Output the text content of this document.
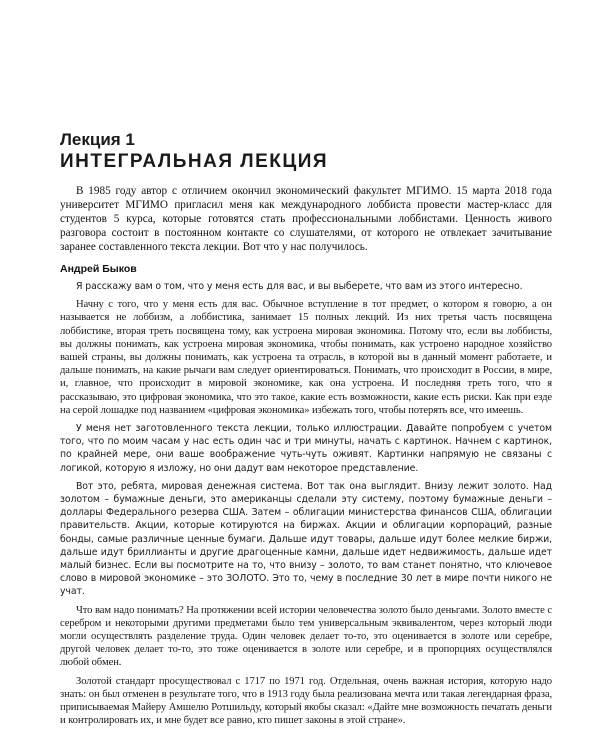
Лекция 1
ИНТЕГРАЛЬНАЯ ЛЕКЦИЯ

В 1985 году автор с отличием окончил экономический факультет МГИМО. 15 марта 2018 года университет МГИМО пригласил меня как международного лоббиста провести мастер-класс для студентов 5 курса, которые готовятся стать профессиональными лоббистами. Ценность живого разговора состоит в постоянном контакте со слушателями, от которого не отвлекает зачитывание заранее составленного текста лекции. Вот что у нас получилось.

Андрей Быков

Я расскажу вам о том, что у меня есть для вас, и вы выберете, что вам из этого интересно.

Начну с того, что у меня есть для вас. Обычное вступление в тот предмет, о котором я говорю, а он называется не лоббизм, а лоббистика, занимает 15 полных лекций. Из них третья часть посвящена лоббистике, вторая треть посвящена тому, как устроена мировая экономика. Потому что, если вы лоббисты, вы должны понимать, как устроена мировая экономика, чтобы понимать, как устроено народное хозяйство вашей страны, вы должны понимать, как устроена та отрасль, в которой вы в данный момент работаете, и дальше понимать, на какие рычаги вам следует ориентироваться. Понимать, что происходит в России, в мире, и, главное, что происходит в мировой экономике, как она устроена. И последняя треть того, что я рассказываю, это цифровая экономика, что это такое, какие есть возможности, какие есть риски. Как при езде на серой лошадке под названием «цифровая экономика» избежать того, чтобы потерять все, что имеешь.

У меня нет заготовленного текста лекции, только иллюстрации. Давайте попробуем с учетом того, что по моим часам у нас есть один час и три минуты, начать с картинок. Начнем с картинок, по крайней мере, они ваше воображение чуть-чуть оживят. Картинки напрямую не связаны с логикой, которую я изложу, но они дадут вам некоторое представление.

Вот это, ребята, мировая денежная система. Вот так она выглядит. Внизу лежит золото. Над золотом – бумажные деньги, это американцы сделали эту систему, поэтому бумажные деньги – доллары Федерального резерва США. Затем – облигации министерства финансов США, облигации правительств. Акции, которые котируются на биржах. Акции и облигации корпораций, разные бонды, самые различные ценные бумаги. Дальше идут товары, дальше идут более мелкие биржи, дальше идут бриллианты и другие драгоценные камни, дальше идет недвижимость, дальше идет малый бизнес. Если вы посмотрите на то, что внизу – золото, то вам станет понятно, что ключевое слово в мировой экономике – это ЗОЛОТО. Это то, чему в последние 30 лет в мире почти никого не учат.

Что вам надо понимать? На протяжении всей истории человечества золото было деньгами. Золото вместе с серебром и некоторыми другими предметами было тем универсальным эквивалентом, через который люди могли осуществлять разделение труда. Один человек делает то-то, это оценивается в золоте или серебре, другой человек делает то-то, это тоже оценивается в золоте или серебре, и в пропорциях осуществлялся любой обмен.

Золотой стандарт просуществовал с 1717 по 1971 год. Отдельная, очень важная история, которую надо знать: он был отменен в результате того, что в 1913 году была реализована мечта или такая легендарная фраза, приписываемая Майеру Амшелю Ротшильду, который якобы сказал: «Дайте мне возможность печатать деньги и контролировать их, и мне будет все равно, кто пишет законы в этой стране».
